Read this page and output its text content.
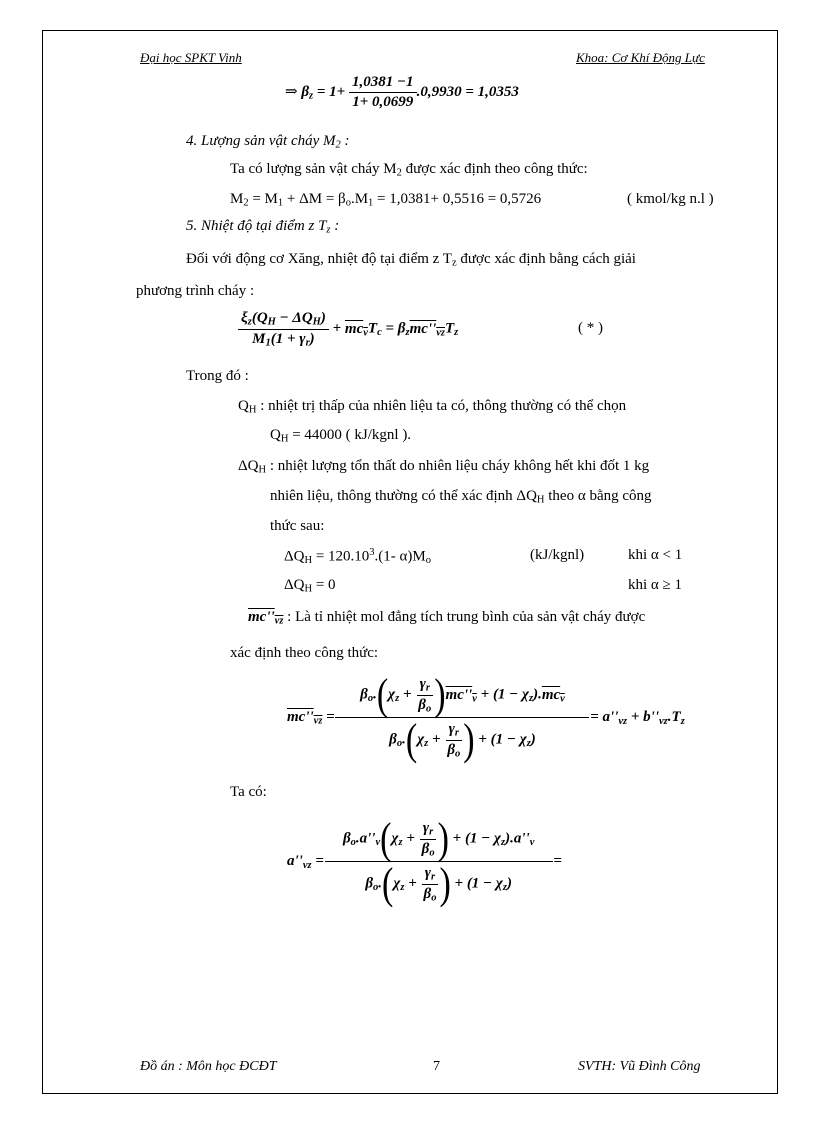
Đại học SPKT Vinh	Khoa: Cơ Khí Động Lực
⇒ $\beta_z = 1+ \frac{1,0381 -1}{1+ 0,0699} .0,9930 = 1,0353$
4. Lượng sản vật cháy $M_2$ :
Ta có lượng sản vật cháy $M_2$ được xác định theo công thức:
$M_2 = M_1 + \Delta M = \beta_o.M_1 = 1,0381+ 0,5516 = 0,5726$	( kmol/kg n.l )
5. Nhiệt độ tại điểm z $T_z$ :
Đối với động cơ Xăng, nhiệt độ tại điểm z $T_z$ được xác định bằng cách giải
phương trình cháy :
$\frac{\xi_z(Q_H - \Delta Q_H)}{M_1(1 + \gamma_r)} + mc_vT_c = \beta_zmc''_{vz}T_z$	( * )
Trong đó :
$Q_H$ : nhiệt trị thấp của nhiên liệu ta có, thông thường có thể chọn
$Q_H = 44000$ ( kJ/kgnl ).
$\Delta Q_H$ : nhiệt lượng tổn thất do nhiên liệu cháy không hết khi đốt 1 kg
nhiên liệu, thông thường có thể xác định $\Delta Q_H$ theo α bằng công
thức sau:
$\Delta Q_H = 120.10^3.(1-$ $\alpha)M_o$	(kJ/kgnl)	khi α < 1
$\Delta Q_H = 0$	khi α ≥ 1
$mc''_{vz}$ : Là tỉ nhiệt mol đẳng tích trung bình của sản vật cháy được
xác định theo công thức:
$mc''_{vz} = \frac{\beta_o.(\chi_z + \frac{\gamma_r}{\beta_o} )mc''_v + (1 - \chi_z).mc_v}{\beta_o.(\chi_z + \frac{\gamma_r}{\beta_o} ) + (1 - \chi_z)} = a''_{vz} + b''_{vz}.T_z$
Ta có:
$a''_{vz} = \frac{\beta_o.a''_v(\chi_z + \frac{\gamma_r}{\beta_o} ) + (1 - \chi_z).a''_v}{\beta_o.(\chi_z + \frac{\gamma_r}{\beta_o} ) + (1 - \chi_z)}$ =
Đồ án : Môn học ĐCĐT	7	SVTH: Vũ Đình Công
